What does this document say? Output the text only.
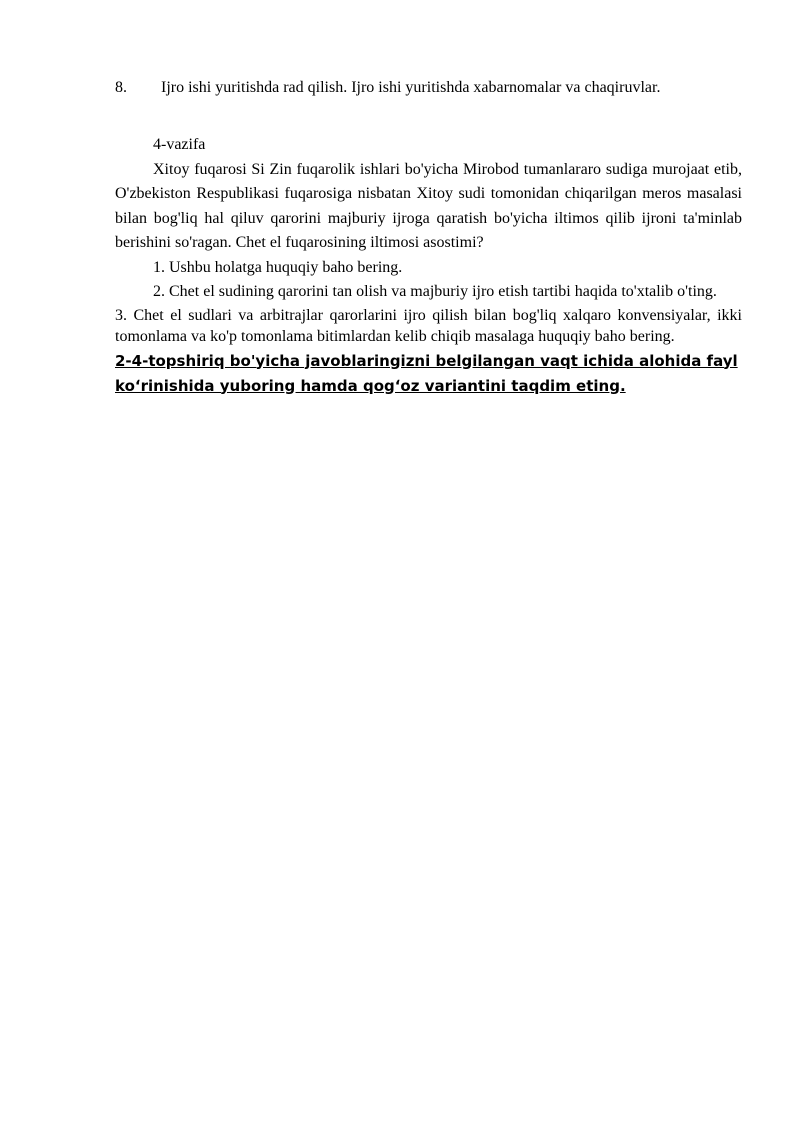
8. Ijro ishi yuritishda rad qilish. Ijro ishi yuritishda xabarnomalar va chaqiruvlar.

4-vazifa

Xitoy fuqarosi Si Zin fuqarolik ishlari bo'yicha Mirobod tumanlararo sudiga murojaat etib, O'zbekiston Respublikasi fuqarosiga nisbatan Xitoy sudi tomonidan chiqarilgan meros masalasi bilan bog'liq hal qiluv qarorini majburiy ijroga qaratish bo'yicha iltimos qilib ijroni ta'minlab berishini so'ragan. Chet el fuqarosining iltimosi asostimi?

1. Ushbu holatga huquqiy baho bering.

2. Chet el sudining qarorini tan olish va majburiy ijro etish tartibi haqida to'xtalib o'ting.

3. Chet el sudlari va arbitrajlar qarorlarini ijro qilish bilan bog'liq xalqaro konvensiyalar, ikki tomonlama va ko'p tomonlama bitimlardan kelib chiqib masalaga huquqiy baho bering.

2-4-topshiriq bo'yicha javoblaringizni belgilangan vaqt ichida alohida fayl
koʻrinishida yuboring hamda qogʻoz variantini taqdim eting.
